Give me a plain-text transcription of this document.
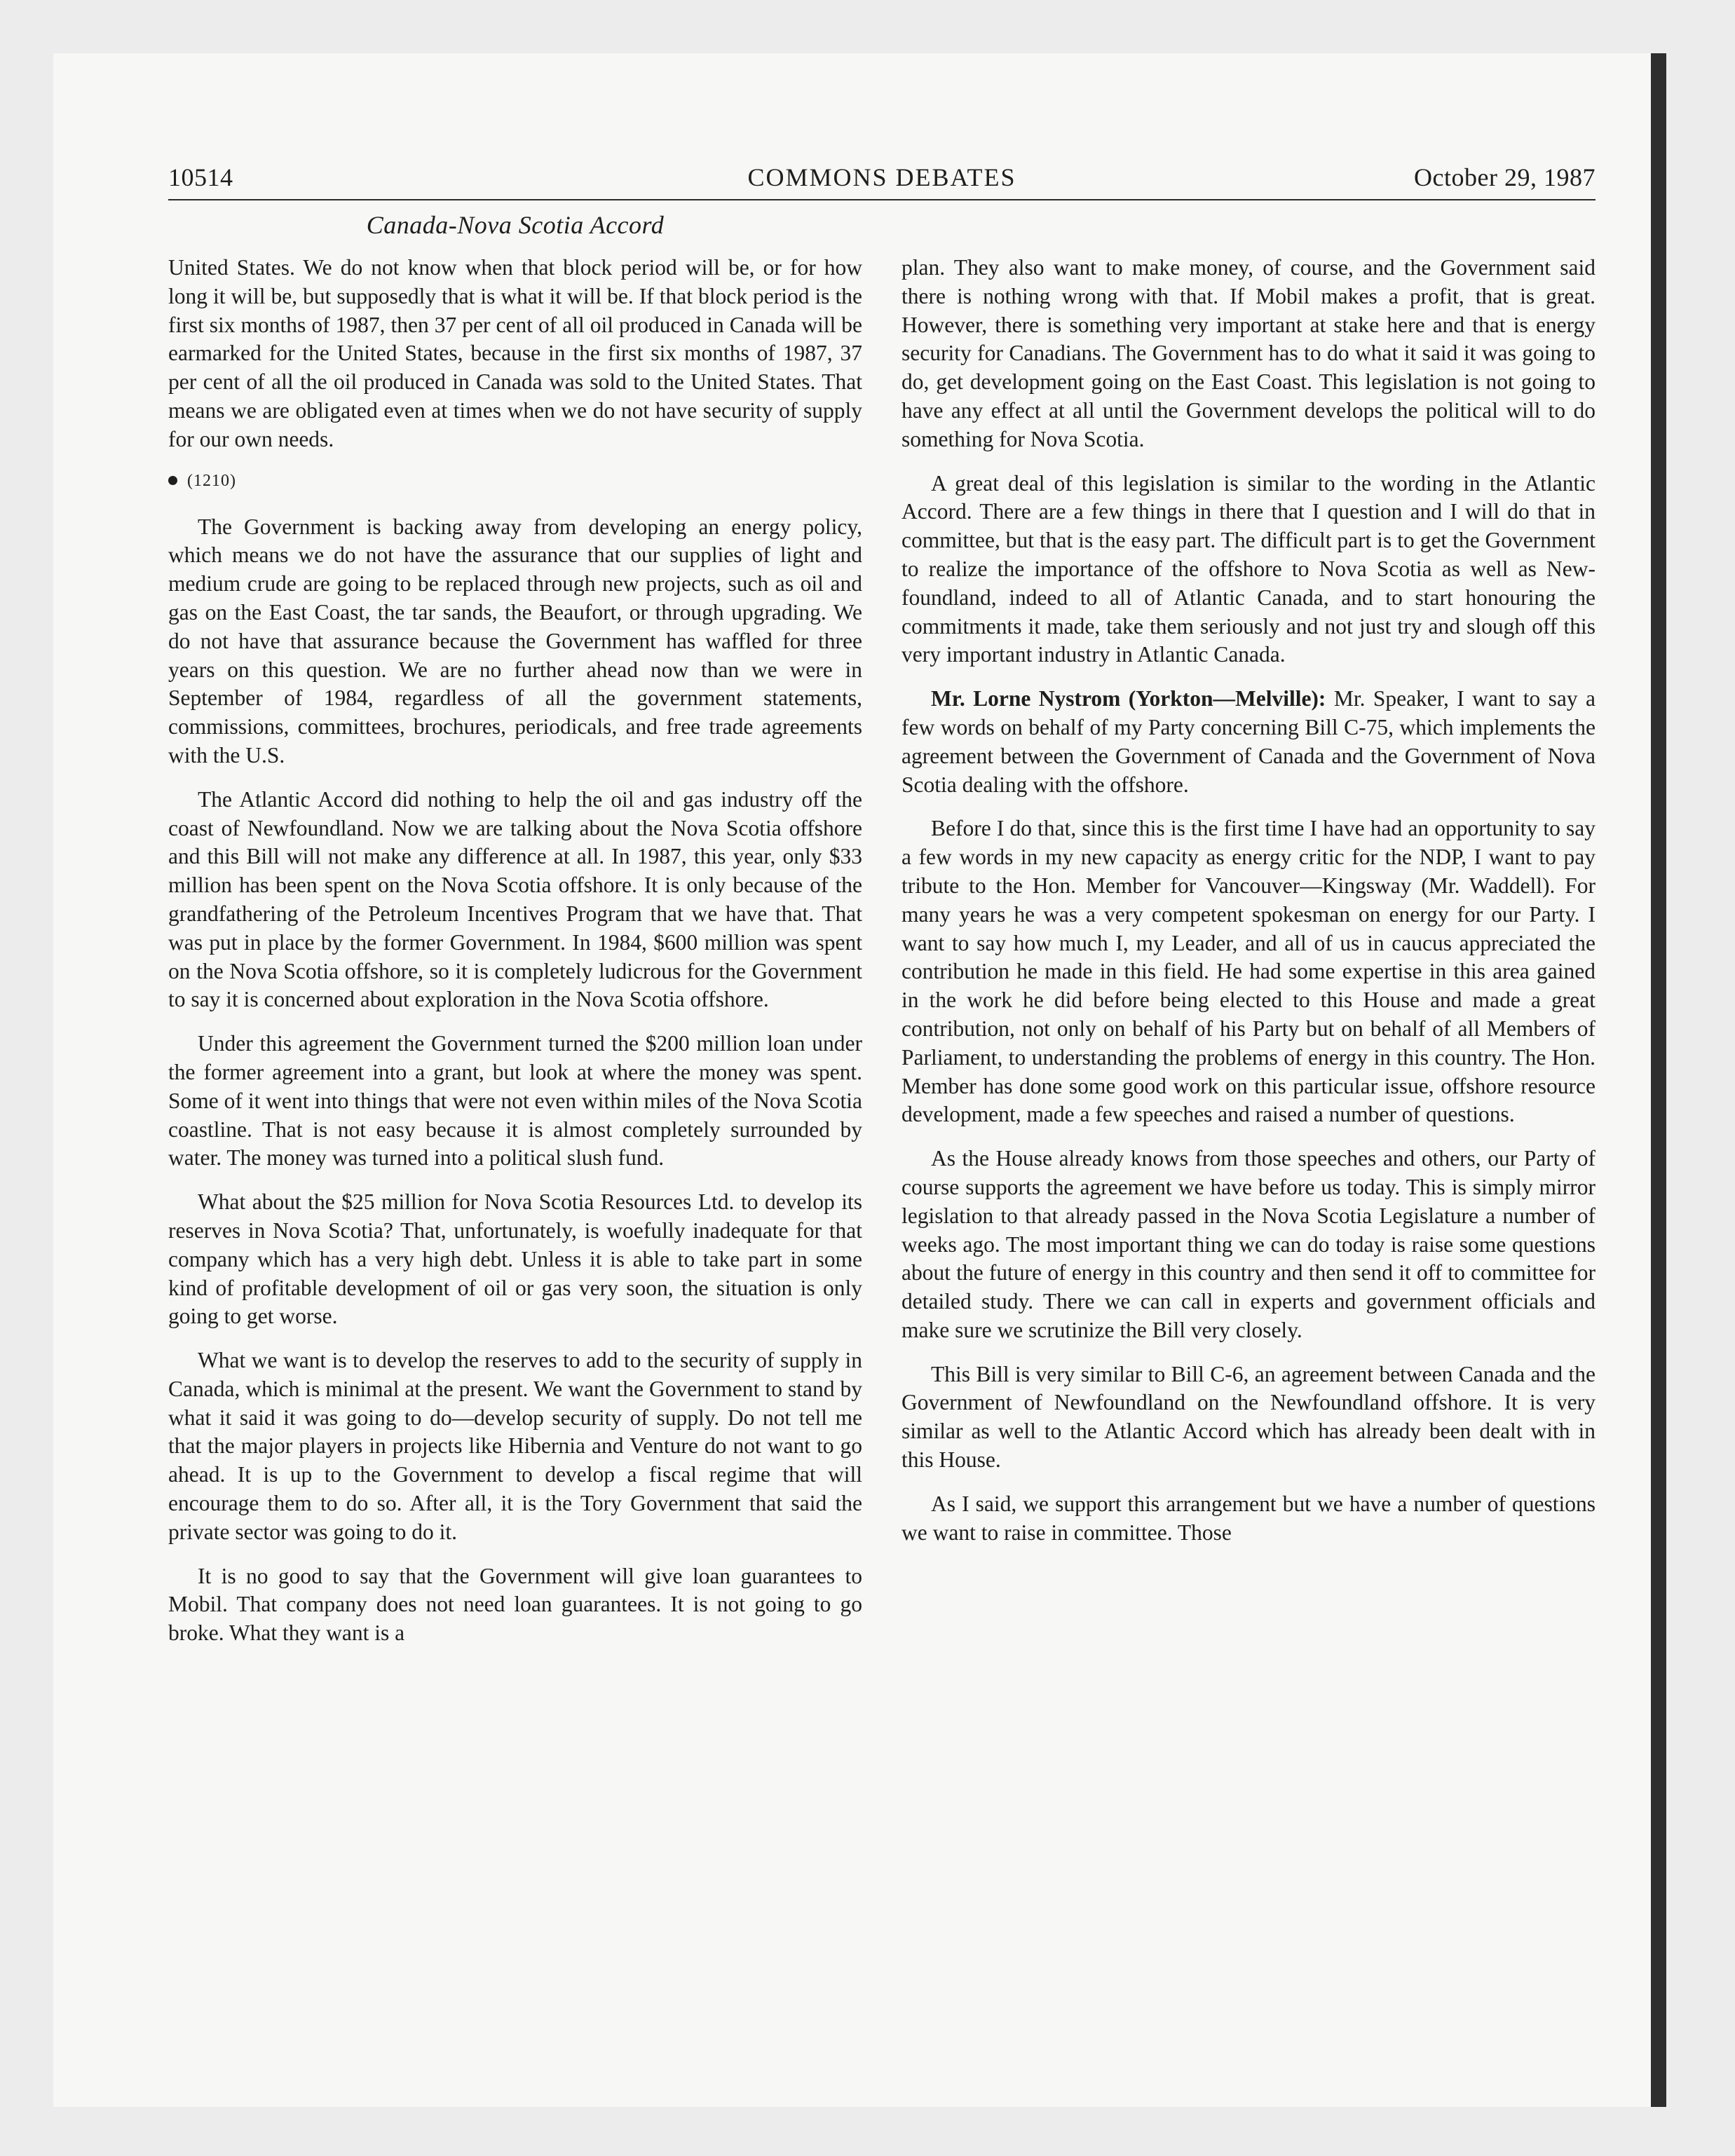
10514	COMMONS DEBATES	October 29, 1987
Canada-Nova Scotia Accord

United States. We do not know when that block period will be, or for how long it will be, but supposedly that is what it will be. If that block period is the first six months of 1987, then 37 per cent of all oil produced in Canada will be earmarked for the United States, because in the first six months of 1987, 37 per cent of all the oil produced in Canada was sold to the United States. That means we are obligated even at times when we do not have security of supply for our own needs.

(1210)

The Government is backing away from developing an energy policy, which means we do not have the assurance that our supplies of light and medium crude are going to be replaced through new projects, such as oil and gas on the East Coast, the tar sands, the Beaufort, or through upgrading. We do not have that assurance because the Government has waffled for three years on this question. We are no further ahead now than we were in September of 1984, regardless of all the government statements, commissions, committees, brochures, periodicals, and free trade agreements with the U.S.

The Atlantic Accord did nothing to help the oil and gas industry off the coast of Newfoundland. Now we are talking about the Nova Scotia offshore and this Bill will not make any difference at all. In 1987, this year, only $33 million has been spent on the Nova Scotia offshore. It is only because of the grandfathering of the Petroleum Incentives Program that we have that. That was put in place by the former Government. In 1984, $600 million was spent on the Nova Scotia offshore, so it is completely ludicrous for the Government to say it is concerned about exploration in the Nova Scotia offshore.

Under this agreement the Government turned the $200 million loan under the former agreement into a grant, but look at where the money was spent. Some of it went into things that were not even within miles of the Nova Scotia coastline. That is not easy because it is almost completely surrounded by water. The money was turned into a political slush fund.

What about the $25 million for Nova Scotia Resources Ltd. to develop its reserves in Nova Scotia? That, unfortunately, is woefully inadequate for that company which has a very high debt. Unless it is able to take part in some kind of profitable development of oil or gas very soon, the situation is only going to get worse.

What we want is to develop the reserves to add to the security of supply in Canada, which is minimal at the present. We want the Government to stand by what it said it was going to do—develop security of supply. Do not tell me that the major players in projects like Hibernia and Venture do not want to go ahead. It is up to the Government to develop a fiscal regime that will encourage them to do so. After all, it is the Tory Government that said the private sector was going to do it.

It is no good to say that the Government will give loan guarantees to Mobil. That company does not need loan guarantees. It is not going to go broke. What they want is a

plan. They also want to make money, of course, and the Government said there is nothing wrong with that. If Mobil makes a profit, that is great. However, there is something very important at stake here and that is energy security for Canadians. The Government has to do what it said it was going to do, get development going on the East Coast. This legislation is not going to have any effect at all until the Government develops the political will to do something for Nova Scotia.

A great deal of this legislation is similar to the wording in the Atlantic Accord. There are a few things in there that I question and I will do that in committee, but that is the easy part. The difficult part is to get the Government to realize the importance of the offshore to Nova Scotia as well as Newfoundland, indeed to all of Atlantic Canada, and to start honouring the commitments it made, take them seriously and not just try and slough off this very important industry in Atlantic Canada.

Mr. Lorne Nystrom (Yorkton—Melville): Mr. Speaker, I want to say a few words on behalf of my Party concerning Bill C-75, which implements the agreement between the Government of Canada and the Government of Nova Scotia dealing with the offshore.

Before I do that, since this is the first time I have had an opportunity to say a few words in my new capacity as energy critic for the NDP, I want to pay tribute to the Hon. Member for Vancouver—Kingsway (Mr. Waddell). For many years he was a very competent spokesman on energy for our Party. I want to say how much I, my Leader, and all of us in caucus appreciated the contribution he made in this field. He had some expertise in this area gained in the work he did before being elected to this House and made a great contribution, not only on behalf of his Party but on behalf of all Members of Parliament, to understanding the problems of energy in this country. The Hon. Member has done some good work on this particular issue, offshore resource development, made a few speeches and raised a number of questions.

As the House already knows from those speeches and others, our Party of course supports the agreement we have before us today. This is simply mirror legislation to that already passed in the Nova Scotia Legislature a number of weeks ago. The most important thing we can do today is raise some questions about the future of energy in this country and then send it off to committee for detailed study. There we can call in experts and government officials and make sure we scrutinize the Bill very closely.

This Bill is very similar to Bill C-6, an agreement between Canada and the Government of Newfoundland on the Newfoundland offshore. It is very similar as well to the Atlantic Accord which has already been dealt with in this House.

As I said, we support this arrangement but we have a number of questions we want to raise in committee. Those
